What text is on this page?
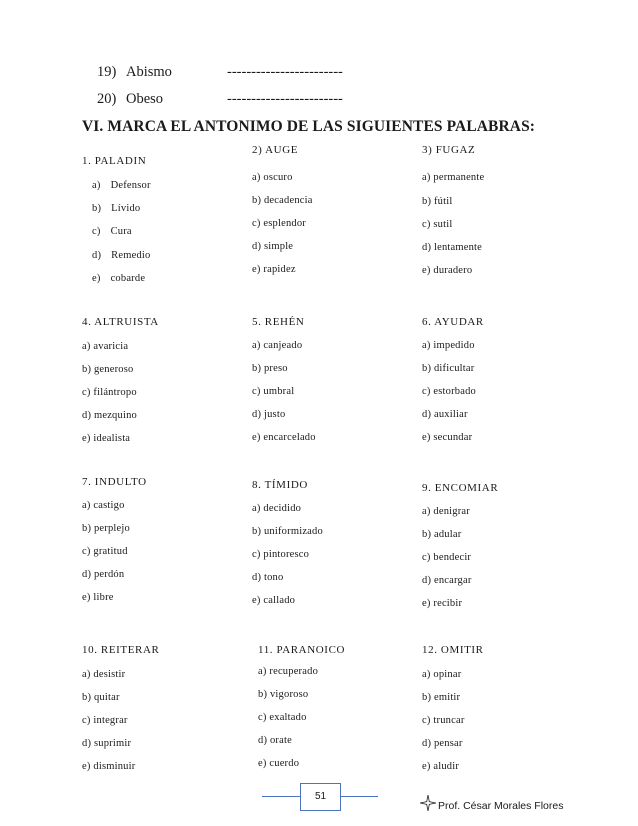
19) Abismo	------------------------
20) Obeso	------------------------
VI. MARCA EL ANTONIMO DE LAS SIGUIENTES PALABRAS:
1. PALADIN
a) Defensor
b) Lívido
c) Cura
d) Remedio
e) cobarde
2) AUGE
a) oscuro
b) decadencia
c) esplendor
d) simple
e) rapidez
3) FUGAZ
a) permanente
b) fútil
c) sutil
d) lentamente
e) duradero
4. ALTRUISTA
a) avaricia
b) generoso
c) filántropo
d) mezquino
e) idealista
5. REHÉN
a) canjeado
b) preso
c) umbral
d) justo
e) encarcelado
6. AYUDAR
a) impedido
b) dificultar
c) estorbado
d) auxiliar
e) secundar
7. INDULTO
a) castigo
b) perplejo
c) gratitud
d) perdón
e) libre
8. TÍMIDO
a) decidido
b) uniformizado
c) pintoresco
d) tono
e) callado
9. ENCOMIAR
a) denigrar
b) adular
c) bendecir
d) encargar
e) recibir
10. REITERAR
a) desistir
b) quitar
c) integrar
d) suprimir
e) disminuir
11. PARANOICO
a) recuperado
b) vigoroso
c) exaltado
d) orate
e) cuerdo
12. OMITIR
a) opinar
b) emitir
c) truncar
d) pensar
e) aludir
51
Prof. César Morales Flores
